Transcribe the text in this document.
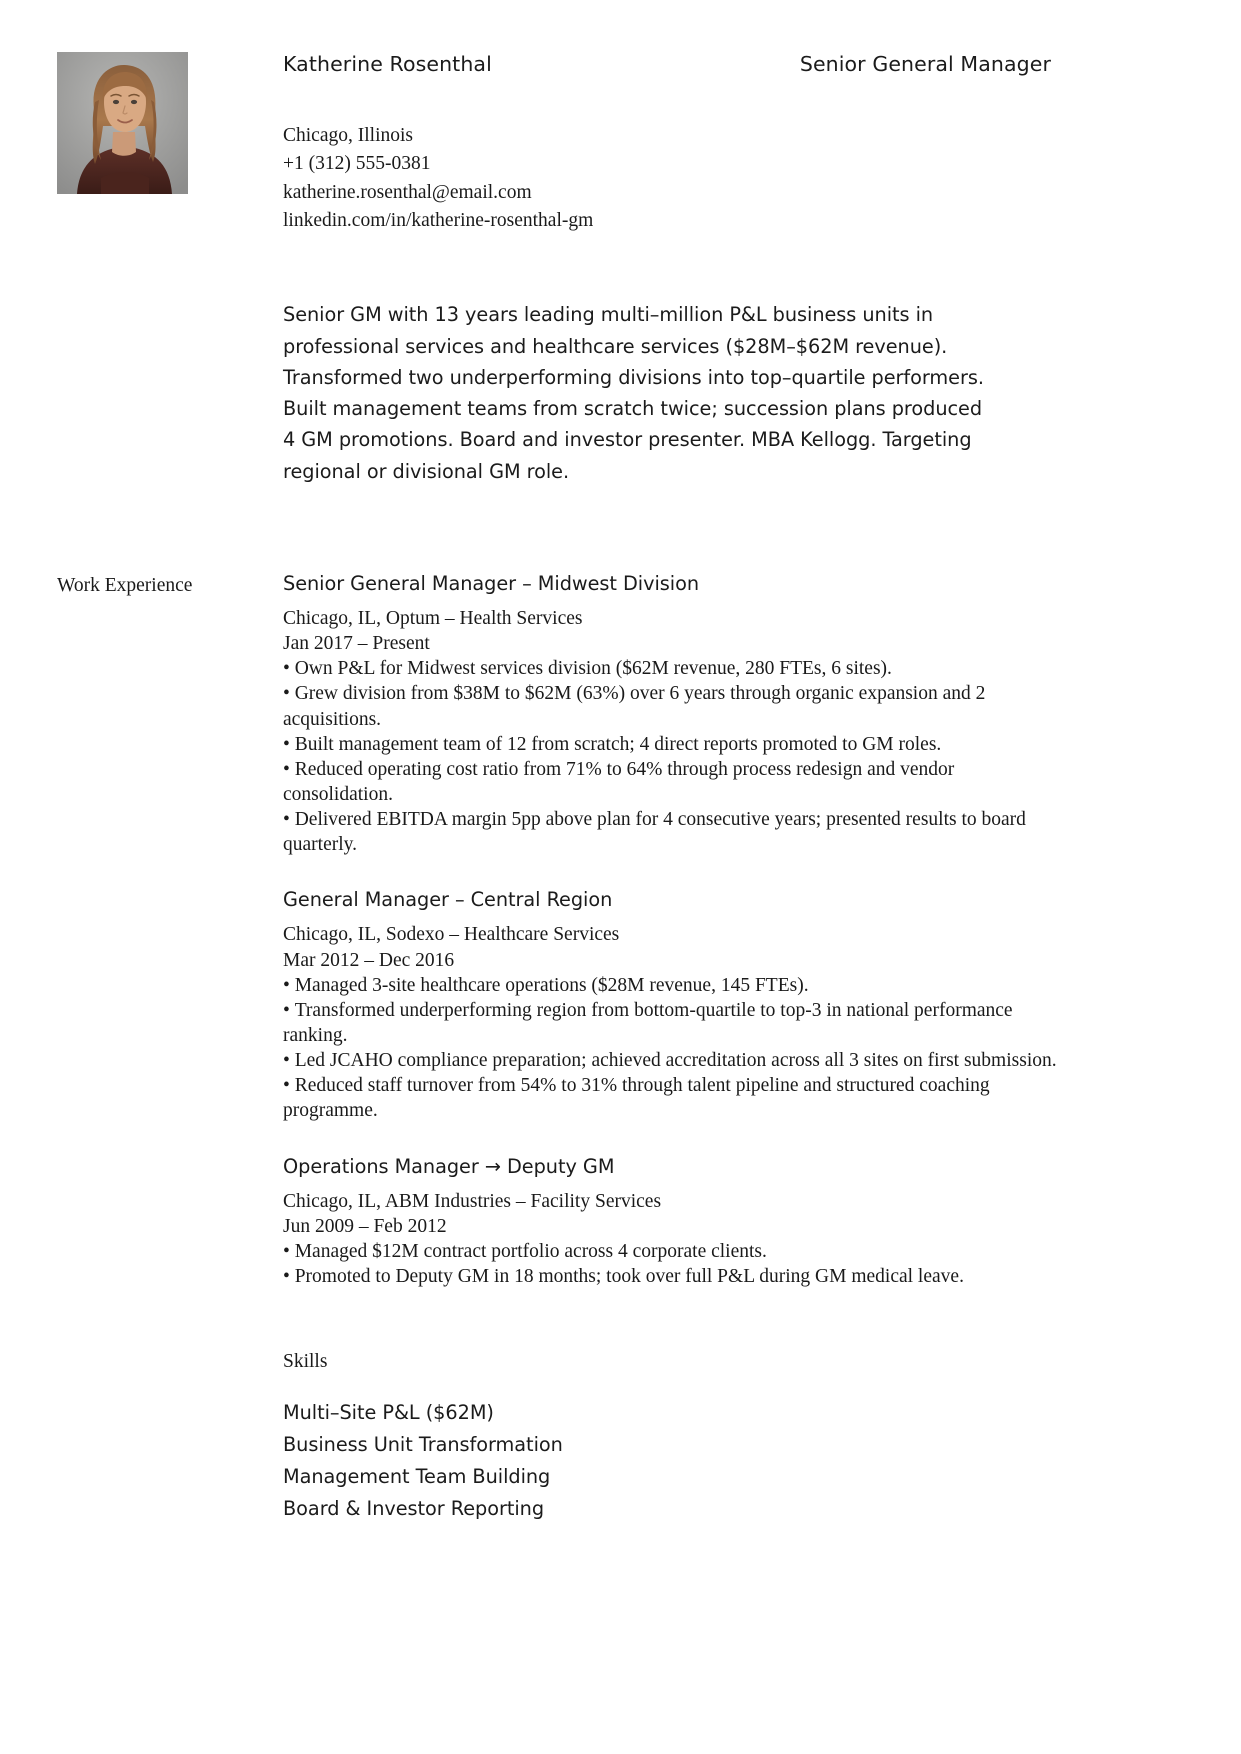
Katherine Rosenthal	Senior General Manager
Chicago, Illinois
+1 (312) 555-0381
katherine.rosenthal@email.com
linkedin.com/in/katherine-rosenthal-gm
Senior GM with 13 years leading multi–million P&L business units in professional services and healthcare services ($28M–$62M revenue). Transformed two underperforming divisions into top–quartile performers. Built management teams from scratch twice; succession plans produced 4 GM promotions. Board and investor presenter. MBA Kellogg. Targeting regional or divisional GM role.
Work Experience	Senior General Manager – Midwest Division
Chicago, IL, Optum – Health Services
Jan 2017 – Present
• Own P&L for Midwest services division ($62M revenue, 280 FTEs, 6 sites).
• Grew division from $38M to $62M (63%) over 6 years through organic expansion and 2 acquisitions.
• Built management team of 12 from scratch; 4 direct reports promoted to GM roles.
• Reduced operating cost ratio from 71% to 64% through process redesign and vendor consolidation.
• Delivered EBITDA margin 5pp above plan for 4 consecutive years; presented results to board quarterly.
General Manager – Central Region
Chicago, IL, Sodexo – Healthcare Services
Mar 2012 – Dec 2016
• Managed 3-site healthcare operations ($28M revenue, 145 FTEs).
• Transformed underperforming region from bottom-quartile to top-3 in national performance ranking.
• Led JCAHO compliance preparation; achieved accreditation across all 3 sites on first submission.
• Reduced staff turnover from 54% to 31% through talent pipeline and structured coaching programme.
Operations Manager → Deputy GM
Chicago, IL, ABM Industries – Facility Services
Jun 2009 – Feb 2012
• Managed $12M contract portfolio across 4 corporate clients.
• Promoted to Deputy GM in 18 months; took over full P&L during GM medical leave.
Skills
Multi–Site P&L ($62M)
Business Unit Transformation
Management Team Building
Board & Investor Reporting
